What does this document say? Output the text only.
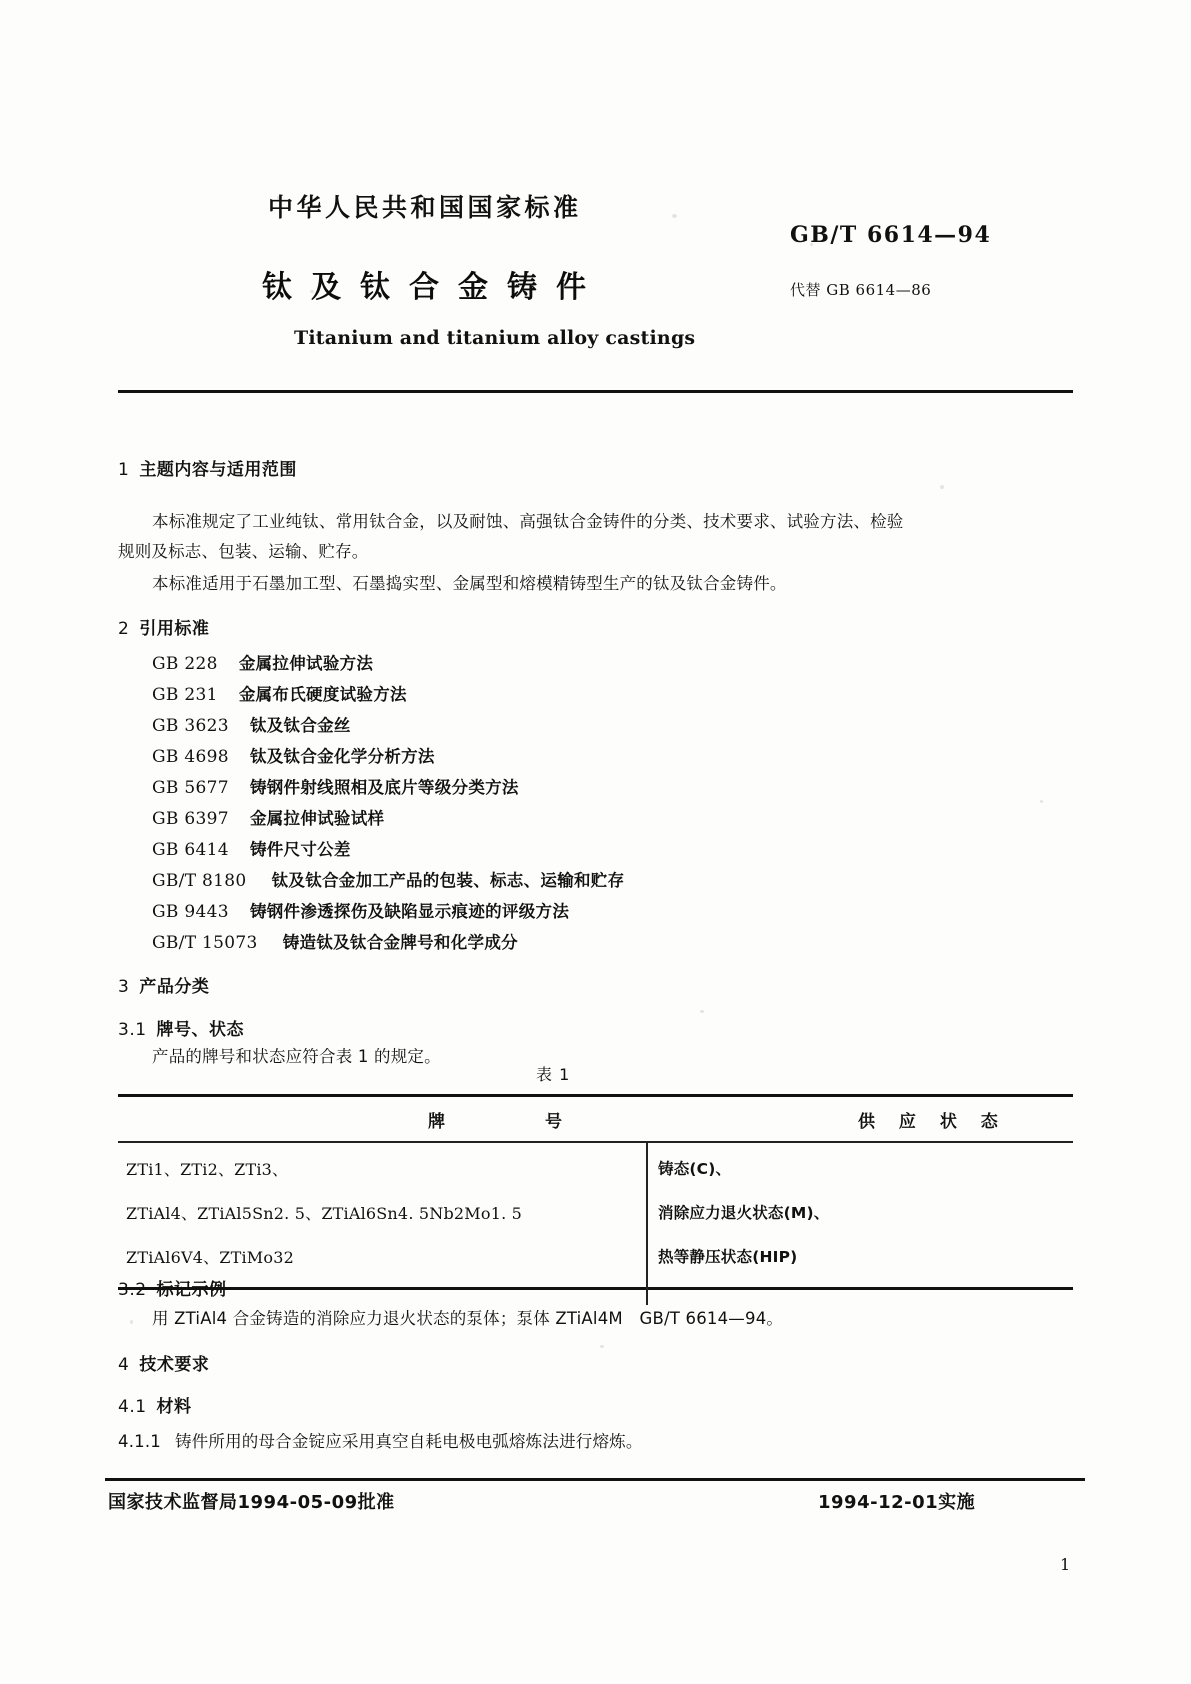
中华人民共和国国家标准
GB/T 6614—94
钛及钛合金铸件	代替 GB 6614—86
Titanium and titanium alloy castings
1 主题内容与适用范围
本标准规定了工业纯钛、常用钛合金，以及耐蚀、高强钛合金铸件的分类、技术要求、试验方法、检验
规则及标志、包装、运输、贮存。
本标准适用于石墨加工型、石墨捣实型、金属型和熔模精铸型生产的钛及钛合金铸件。
2 引用标准
GB 228 金属拉伸试验方法
GB 231 金属布氏硬度试验方法
GB 3623 钛及钛合金丝
GB 4698 钛及钛合金化学分析方法
GB 5677 铸钢件射线照相及底片等级分类方法
GB 6397 金属拉伸试验试样
GB 6414 铸件尺寸公差
GB/T 8180 钛及钛合金加工产品的包装、标志、运输和贮存
GB 9443 铸钢件渗透探伤及缺陷显示痕迹的评级方法
GB/T 15073 铸造钛及钛合金牌号和化学成分
3 产品分类
3.1 牌号、状态
产品的牌号和状态应符合表 1 的规定。
表 1
牌　　号	供 应 状 态
ZTi1、ZTi2、ZTi3、	铸态(C)、
ZTiAl4、ZTiAl5Sn2. 5、ZTiAl6Sn4. 5Nb2Mo1. 5	消除应力退火状态(M)、
ZTiAl6V4、ZTiMo32	热等静压状态(HIP)
3.2 标记示例
用 ZTiAl4 合金铸造的消除应力退火状态的泵体；泵体 ZTiAl4M　GB/T 6614—94。
4 技术要求
4.1 材料
4.1.1 铸件所用的母合金锭应采用真空自耗电极电弧熔炼法进行熔炼。
国家技术监督局1994-05-09批准	1994-12-01实施
1
